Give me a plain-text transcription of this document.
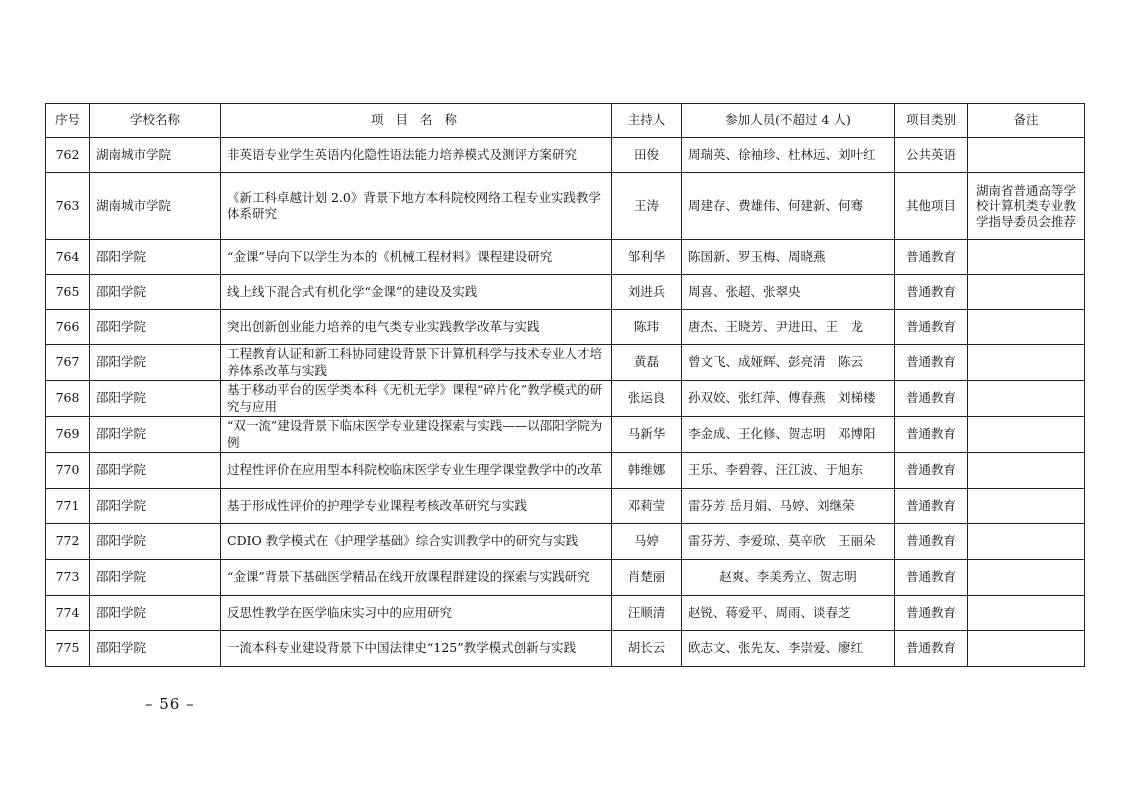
序号	学校名称	项 目 名 称	主持人	参加人员(不超过 4 人)	项目类别	备注
762	湖南城市学院	非英语专业学生英语内化隐性语法能力培养模式及测评方案研究	田俊	周瑞英、徐袖珍、杜林远、刘叶红	公共英语	
763	湖南城市学院	《新工科卓越计划 2.0》背景下地方本科院校网络工程专业实践教学体系研究	王涛	周建存、费雄伟、何建新、何骞	其他项目	湖南省普通高等学校计算机类专业教学指导委员会推荐
764	邵阳学院	“金课”导向下以学生为本的《机械工程材料》课程建设研究	邹利华	陈国新、罗玉梅、周晓燕	普通教育	
765	邵阳学院	线上线下混合式有机化学“金课”的建设及实践	刘进兵	周喜、张超、张翠央	普通教育	
766	邵阳学院	突出创新创业能力培养的电气类专业实践教学改革与实践	陈玮	唐杰、王晓芳、尹进田、王　龙	普通教育	
767	邵阳学院	工程教育认证和新工科协同建设背景下计算机科学与技术专业人才培养体系改革与实践	黄磊	曾文飞、成娅辉、彭亮清　陈云	普通教育	
768	邵阳学院	基于移动平台的医学类本科《无机无学》课程“碎片化”教学模式的研究与应用	张运良	孙双姣、张红萍、傅春燕　刘梯楼	普通教育	
769	邵阳学院	“双一流”建设背景下临床医学专业建设探索与实践——以邵阳学院为例	马新华	李金成、王化修、贺志明　邓博阳	普通教育	
770	邵阳学院	过程性评价在应用型本科院校临床医学专业生理学课堂教学中的改革	韩维娜	王乐、李碧蓉、汪江波、于旭东	普通教育	
771	邵阳学院	基于形成性评价的护理学专业课程考核改革研究与实践	邓莉莹	雷芬芳 岳月娟、马婷、刘继荣	普通教育	
772	邵阳学院	CDIO 教学模式在《护理学基础》综合实训教学中的研究与实践	马婷	雷芬芳、李爱琼、莫辛欣　王丽朵	普通教育	
773	邵阳学院	“金课”背景下基础医学精品在线开放课程群建设的探索与实践研究	肖楚丽	赵爽、李美秀立、贺志明	普通教育	
774	邵阳学院	反思性教学在医学临床实习中的应用研究	汪顺清	赵锐、蒋爱平、周雨、谈春芝	普通教育	
775	邵阳学院	一流本科专业建设背景下中国法律史“125”教学模式创新与实践	胡长云	欧志文、张先友、李崇爱、廖红	普通教育	
– 56 –
